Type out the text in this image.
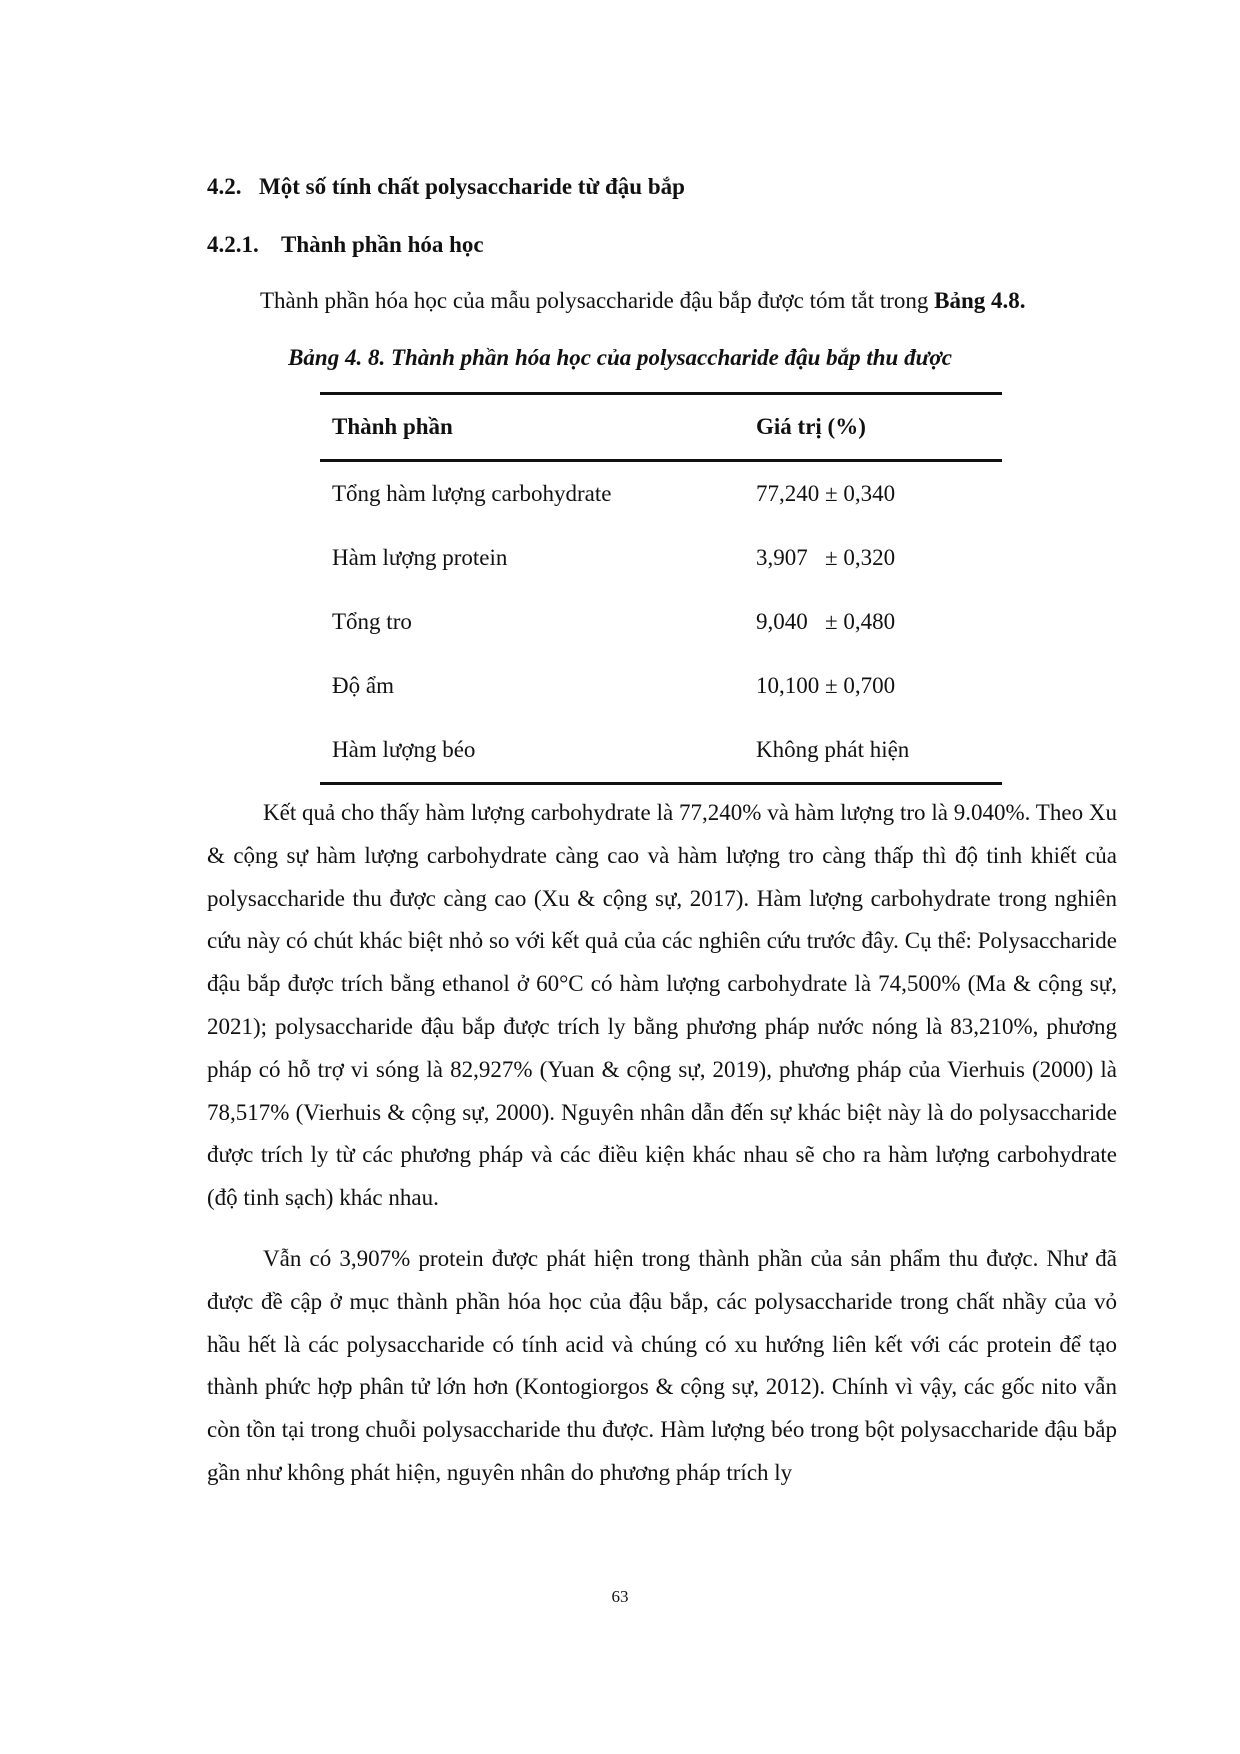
4.2. Một số tính chất polysaccharide từ đậu bắp
4.2.1. Thành phần hóa học
Thành phần hóa học của mẫu polysaccharide đậu bắp được tóm tắt trong Bảng 4.8.
Bảng 4. 8. Thành phần hóa học của polysaccharide đậu bắp thu được
Thành phần	Giá trị (%)
Tổng hàm lượng carbohydrate	77,240 ± 0,340
Hàm lượng protein	3,907   ± 0,320
Tổng tro	9,040   ± 0,480
Độ ẩm	10,100 ± 0,700
Hàm lượng béo	Không phát hiện

Kết quả cho thấy hàm lượng carbohydrate là 77,240% và hàm lượng tro là 9.040%. Theo Xu & cộng sự hàm lượng carbohydrate càng cao và hàm lượng tro càng thấp thì độ tinh khiết của polysaccharide thu được càng cao (Xu & cộng sự, 2017). Hàm lượng carbohydrate trong nghiên cứu này có chút khác biệt nhỏ so với kết quả của các nghiên cứu trước đây. Cụ thể: Polysaccharide đậu bắp được trích bằng ethanol ở 60°C có hàm lượng carbohydrate là 74,500% (Ma & cộng sự, 2021); polysaccharide đậu bắp được trích ly bằng phương pháp nước nóng là 83,210%, phương pháp có hỗ trợ vi sóng là 82,927% (Yuan & cộng sự, 2019), phương pháp của Vierhuis (2000) là 78,517% (Vierhuis & cộng sự, 2000). Nguyên nhân dẫn đến sự khác biệt này là do polysaccharide được trích ly từ các phương pháp và các điều kiện khác nhau sẽ cho ra hàm lượng carbohydrate (độ tinh sạch) khác nhau.

Vẫn có 3,907% protein được phát hiện trong thành phần của sản phẩm thu được. Như đã được đề cập ở mục thành phần hóa học của đậu bắp, các polysaccharide trong chất nhầy của vỏ hầu hết là các polysaccharide có tính acid và chúng có xu hướng liên kết với các protein để tạo thành phức hợp phân tử lớn hơn (Kontogiorgos & cộng sự, 2012). Chính vì vậy, các gốc nito vẫn còn tồn tại trong chuỗi polysaccharide thu được. Hàm lượng béo trong bột polysaccharide đậu bắp gần như không phát hiện, nguyên nhân do phương pháp trích ly

63
